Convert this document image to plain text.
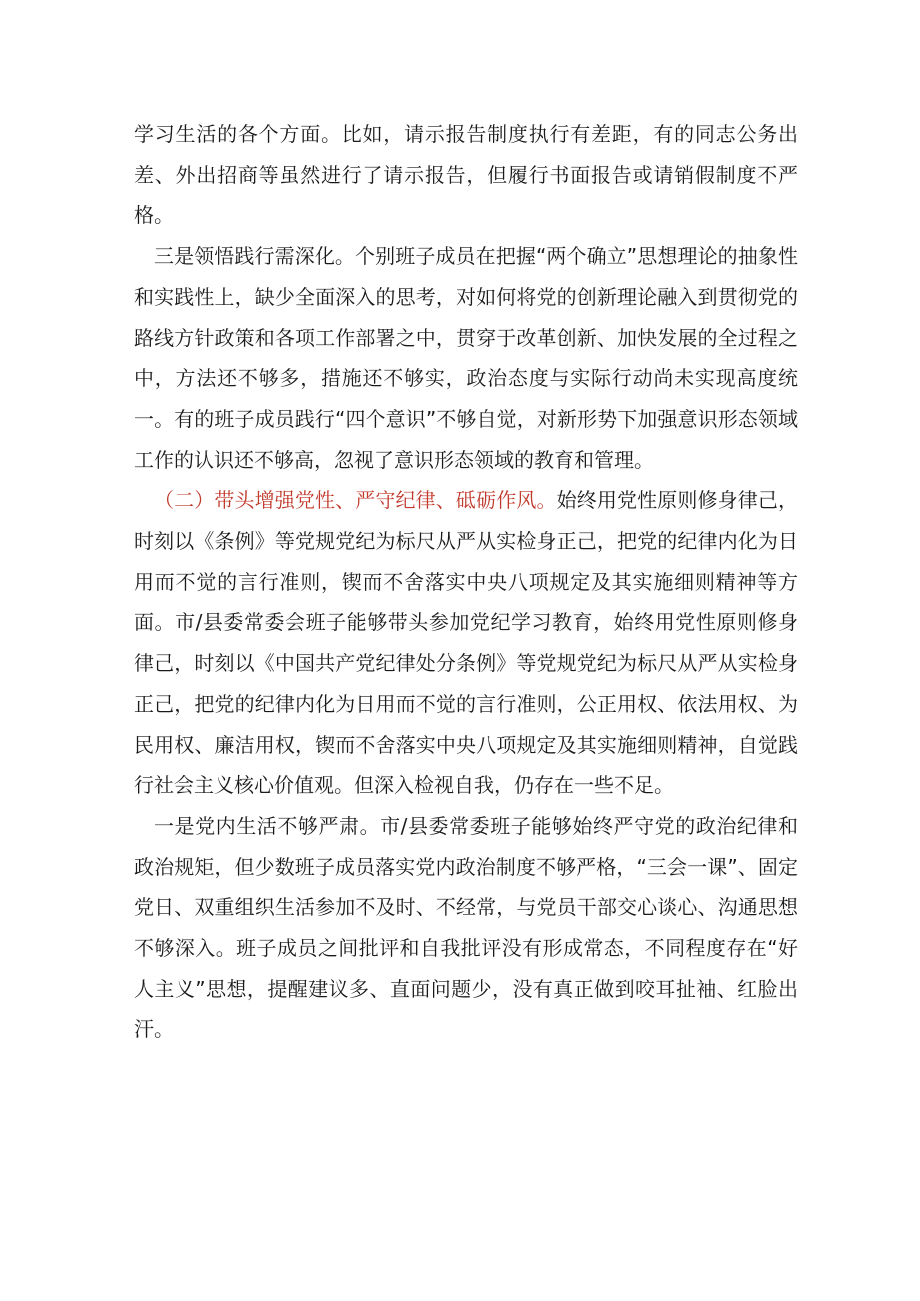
学习生活的各个方面。比如，请示报告制度执行有差距，有的同志公务出差、外出招商等虽然进行了请示报告，但履行书面报告或请销假制度不严格。

三是领悟践行需深化。个别班子成员在把握“两个确立”思想理论的抽象性和实践性上，缺少全面深入的思考，对如何将党的创新理论融入到贯彻党的路线方针政策和各项工作部署之中，贯穿于改革创新、加快发展的全过程之中，方法还不够多，措施还不够实，政治态度与实际行动尚未实现高度统一。有的班子成员践行“四个意识”不够自觉，对新形势下加强意识形态领域工作的认识还不够高，忽视了意识形态领域的教育和管理。

（二）带头增强党性、严守纪律、砥砺作风。始终用党性原则修身律己，时刻以《条例》等党规党纪为标尺从严从实检身正己，把党的纪律内化为日用而不觉的言行准则，锲而不舍落实中央八项规定及其实施细则精神等方面。市/县委常委会班子能够带头参加党纪学习教育，始终用党性原则修身律己，时刻以《中国共产党纪律处分条例》等党规党纪为标尺从严从实检身正己，把党的纪律内化为日用而不觉的言行准则，公正用权、依法用权、为民用权、廉洁用权，锲而不舍落实中央八项规定及其实施细则精神，自觉践行社会主义核心价值观。但深入检视自我，仍存在一些不足。

一是党内生活不够严肃。市/县委常委班子能够始终严守党的政治纪律和政治规矩，但少数班子成员落实党内政治制度不够严格，“三会一课”、固定党日、双重组织生活参加不及时、不经常，与党员干部交心谈心、沟通思想不够深入。班子成员之间批评和自我批评没有形成常态，不同程度存在“好人主义”思想，提醒建议多、直面问题少，没有真正做到咬耳扯袖、红脸出汗。
